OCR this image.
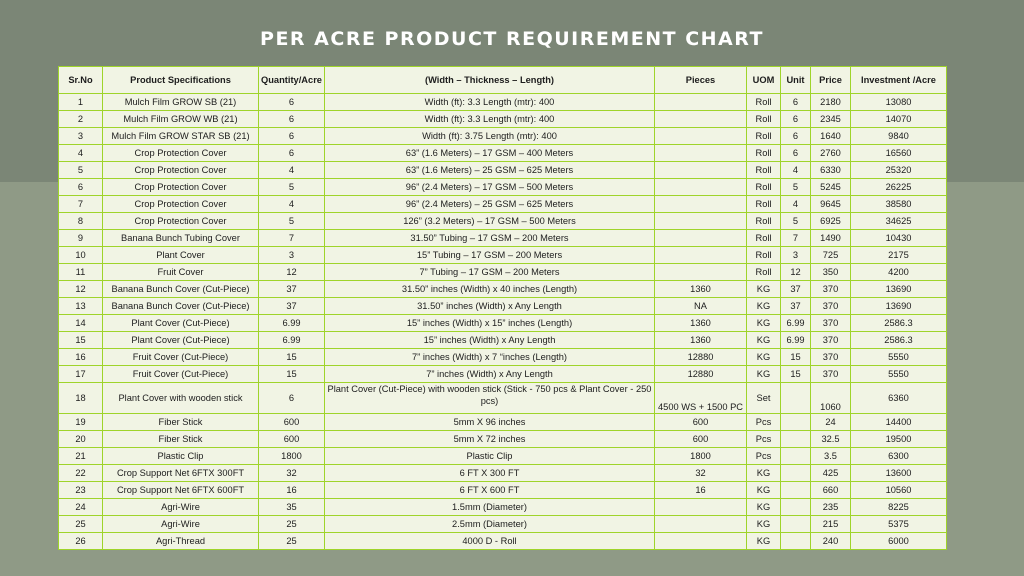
PER ACRE PRODUCT REQUIREMENT CHART
Sr.No	Product Specifications	Quantity/Acre	(Width – Thickness – Length)	Pieces	UOM	Unit	Price	Investment /Acre
1	Mulch Film GROW SB (21)	6	Width (ft): 3.3 Length (mtr): 400		Roll	6	2180	13080
2	Mulch Film GROW WB (21)	6	Width (ft): 3.3 Length (mtr): 400		Roll	6	2345	14070
3	Mulch Film GROW STAR SB (21)	6	Width (ft): 3.75 Length (mtr): 400		Roll	6	1640	9840
4	Crop Protection Cover	6	63” (1.6 Meters) – 17 GSM – 400 Meters		Roll	6	2760	16560
5	Crop Protection Cover	4	63” (1.6 Meters) – 25 GSM – 625 Meters		Roll	4	6330	25320
6	Crop Protection Cover	5	96” (2.4 Meters) – 17 GSM – 500 Meters		Roll	5	5245	26225
7	Crop Protection Cover	4	96” (2.4 Meters) – 25 GSM – 625 Meters		Roll	4	9645	38580
8	Crop Protection Cover	5	126” (3.2 Meters) – 17 GSM – 500 Meters		Roll	5	6925	34625
9	Banana Bunch Tubing Cover	7	31.50” Tubing – 17 GSM – 200 Meters		Roll	7	1490	10430
10	Plant Cover	3	15” Tubing – 17 GSM – 200 Meters		Roll	3	725	2175
11	Fruit Cover	12	7” Tubing – 17 GSM – 200 Meters		Roll	12	350	4200
12	Banana Bunch Cover (Cut-Piece)	37	31.50” inches (Width) x 40 inches (Length)	1360	KG	37	370	13690
13	Banana Bunch Cover (Cut-Piece)	37	31.50” inches (Width) x Any Length	NA	KG	37	370	13690
14	Plant Cover (Cut-Piece)	6.99	15” inches (Width) x 15” inches (Length)	1360	KG	6.99	370	2586.3
15	Plant Cover (Cut-Piece)	6.99	15” inches (Width) x Any Length	1360	KG	6.99	370	2586.3
16	Fruit Cover (Cut-Piece)	15	7” inches (Width) x 7 “inches (Length)	12880	KG	15	370	5550
17	Fruit Cover (Cut-Piece)	15	7” inches (Width) x Any Length	12880	KG	15	370	5550
18	Plant Cover with wooden stick	6	Plant Cover (Cut-Piece) with wooden stick (Stick - 750 pcs & Plant Cover - 250 pcs)	4500 WS + 1500 PC	Set		1060	6360
19	Fiber Stick	600	5mm X 96 inches	600	Pcs		24	14400
20	Fiber Stick	600	5mm X 72 inches	600	Pcs		32.5	19500
21	Plastic Clip	1800	Plastic Clip	1800	Pcs		3.5	6300
22	Crop Support Net 6FTX 300FT	32	6 FT X 300 FT	32	KG		425	13600
23	Crop Support Net 6FTX 600FT	16	6 FT X 600 FT	16	KG		660	10560
24	Agri-Wire	35	1.5mm (Diameter)		KG		235	8225
25	Agri-Wire	25	2.5mm (Diameter)		KG		215	5375
26	Agri-Thread	25	4000 D - Roll		KG		240	6000
